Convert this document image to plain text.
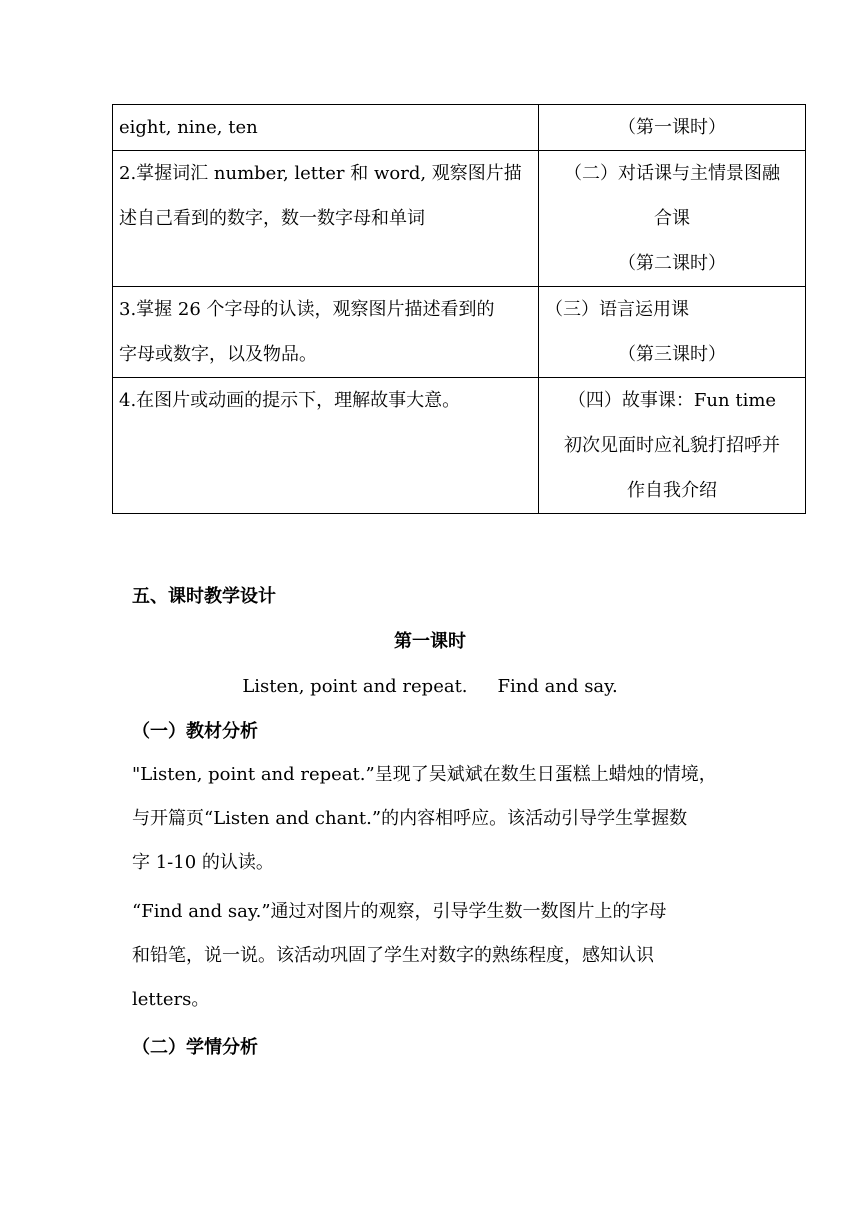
eight, nine, ten	（第一课时）

2.掌握词汇 number, letter 和 word, 观察图片描
述自己看到的数字，数一数字母和单词	（二）对话课与主情景图融
合课
（第二课时）

3.掌握 26 个字母的认读，观察图片描述看到的
字母或数字，以及物品。	（三）语言运用课
（第三课时）

4.在图片或动画的提示下，理解故事大意。	（四）故事课：Fun time
初次见面时应礼貌打招呼并
作自我介绍
五、课时教学设计
第一课时

Listen, point and repeat. Find and say.

（一）教材分析
"Listen, point and repeat.”呈现了吴斌斌在数生日蛋糕上蜡烛的情境，
与开篇页“Listen and chant.”的内容相呼应。该活动引导学生掌握数
字 1-10 的认读。
“Find and say.”通过对图片的观察，引导学生数一数图片上的字母
和铅笔，说一说。该活动巩固了学生对数字的熟练程度，感知认识
letters。
（二）学情分析
